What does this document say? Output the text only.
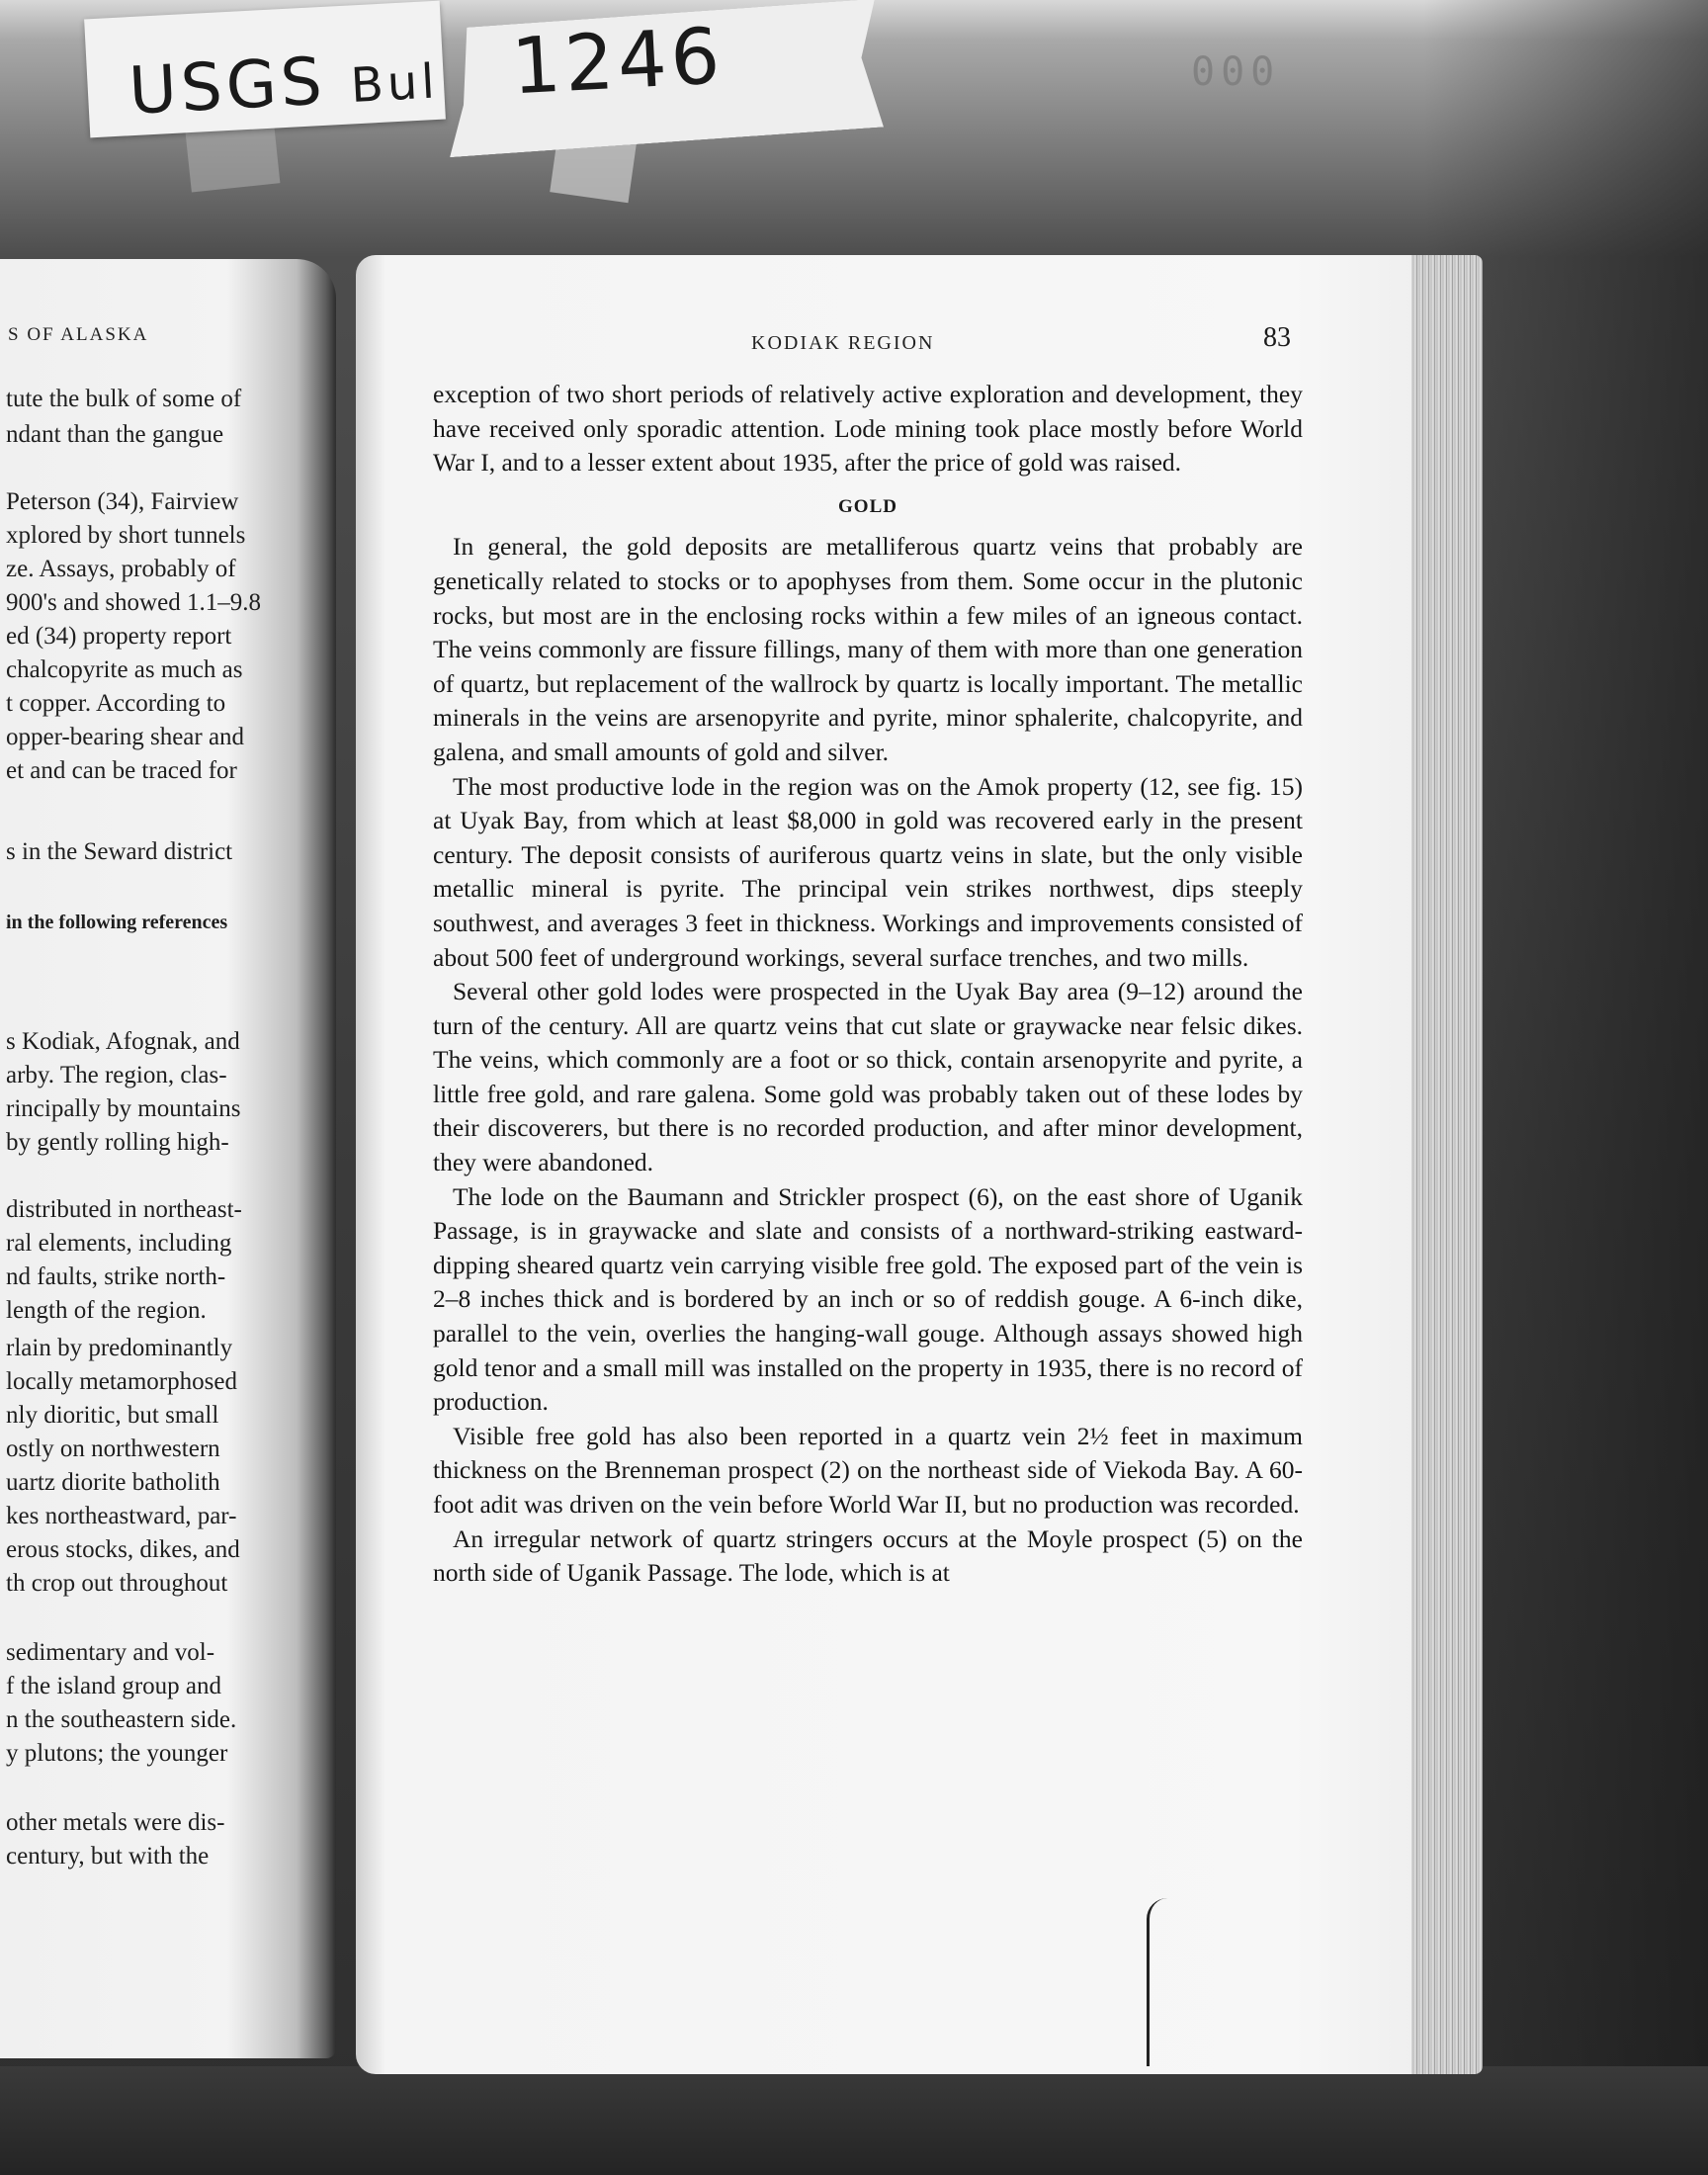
USGS Bul 1246	000
S OF ALASKA
tute the bulk of some of
ndant than the gangue
Peterson (34), Fairview
xplored by short tunnels
ze. Assays, probably of
900's and showed 1.1–9.8
ed (34) property report
chalcopyrite as much as
t copper. According to
opper-bearing shear and
et and can be traced for
s in the Seward district
in the following references
s Kodiak, Afognak, and
arby. The region, clas-
rincipally by mountains
by gently rolling high-
distributed in northeast-
ral elements, including
nd faults, strike north-
length of the region.
rlain by predominantly
locally metamorphosed
nly dioritic, but small
ostly on northwestern
uartz diorite batholith
kes northeastward, par-
erous stocks, dikes, and
th crop out throughout
sedimentary and vol-
f the island group and
n the southeastern side.
y plutons; the younger
other metals were dis-
century, but with the
KODIAK REGION	83

exception of two short periods of relatively active exploration and development, they have received only sporadic attention. Lode mining took place mostly before World War I, and to a lesser extent about 1935, after the price of gold was raised.

GOLD

In general, the gold deposits are metalliferous quartz veins that probably are genetically related to stocks or to apophyses from them. Some occur in the plutonic rocks, but most are in the enclosing rocks within a few miles of an igneous contact. The veins commonly are fissure fillings, many of them with more than one generation of quartz, but replacement of the wallrock by quartz is locally important. The metallic minerals in the veins are arsenopyrite and pyrite, minor sphalerite, chalcopyrite, and galena, and small amounts of gold and silver.

The most productive lode in the region was on the Amok property (12, see fig. 15) at Uyak Bay, from which at least $8,000 in gold was recovered early in the present century. The deposit consists of auriferous quartz veins in slate, but the only visible metallic mineral is pyrite. The principal vein strikes northwest, dips steeply southwest, and averages 3 feet in thickness. Workings and improvements consisted of about 500 feet of underground workings, several surface trenches, and two mills.

Several other gold lodes were prospected in the Uyak Bay area (9–12) around the turn of the century. All are quartz veins that cut slate or graywacke near felsic dikes. The veins, which commonly are a foot or so thick, contain arsenopyrite and pyrite, a little free gold, and rare galena. Some gold was probably taken out of these lodes by their discoverers, but there is no recorded production, and after minor development, they were abandoned.

The lode on the Baumann and Strickler prospect (6), on the east shore of Uganik Passage, is in graywacke and slate and consists of a northward-striking eastward-dipping sheared quartz vein carrying visible free gold. The exposed part of the vein is 2–8 inches thick and is bordered by an inch or so of reddish gouge. A 6-inch dike, parallel to the vein, overlies the hanging-wall gouge. Although assays showed high gold tenor and a small mill was installed on the property in 1935, there is no record of production.

Visible free gold has also been reported in a quartz vein 2½ feet in maximum thickness on the Brenneman prospect (2) on the northeast side of Viekoda Bay. A 60-foot adit was driven on the vein before World War II, but no production was recorded.

An irregular network of quartz stringers occurs at the Moyle prospect (5) on the north side of Uganik Passage. The lode, which is at
